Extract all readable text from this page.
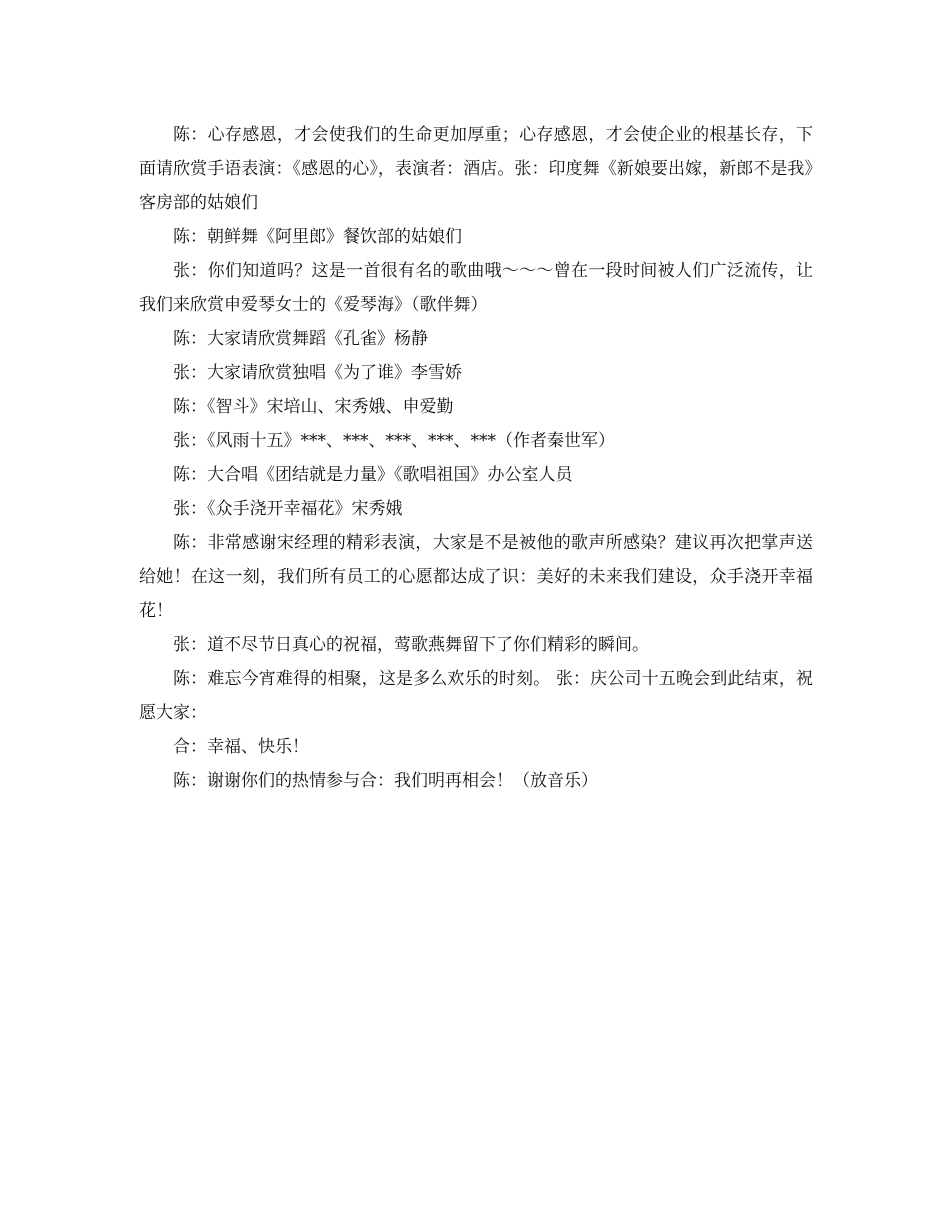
陈：心存感恩，才会使我们的生命更加厚重；心存感恩，才会使企业的根基长存，下面请欣赏手语表演：《感恩的心》，表演者：酒店。张：印度舞《新娘要出嫁，新郎不是我》客房部的姑娘们

陈：朝鲜舞《阿里郎》餐饮部的姑娘们

张：你们知道吗？这是一首很有名的歌曲哦～～～曾在一段时间被人们广泛流传，让我们来欣赏申爱琴女士的《爱琴海》（歌伴舞）

陈：大家请欣赏舞蹈《孔雀》杨静

张：大家请欣赏独唱《为了谁》李雪娇

陈：《智斗》宋培山、宋秀娥、申爱勤

张：《风雨十五》***、***、***、***、***（作者秦世军）

陈：大合唱《团结就是力量》《歌唱祖国》办公室人员

张：《众手浇开幸福花》宋秀娥

陈：非常感谢宋经理的精彩表演，大家是不是被他的歌声所感染？建议再次把掌声送给她！在这一刻，我们所有员工的心愿都达成了识：美好的未来我们建设，众手浇开幸福花！

张：道不尽节日真心的祝福，莺歌燕舞留下了你们精彩的瞬间。

陈：难忘今宵难得的相聚，这是多么欢乐的时刻。 张：庆公司十五晚会到此结束，祝愿大家：

合：幸福、快乐！

陈：谢谢你们的热情参与合：我们明再相会！（放音乐）
